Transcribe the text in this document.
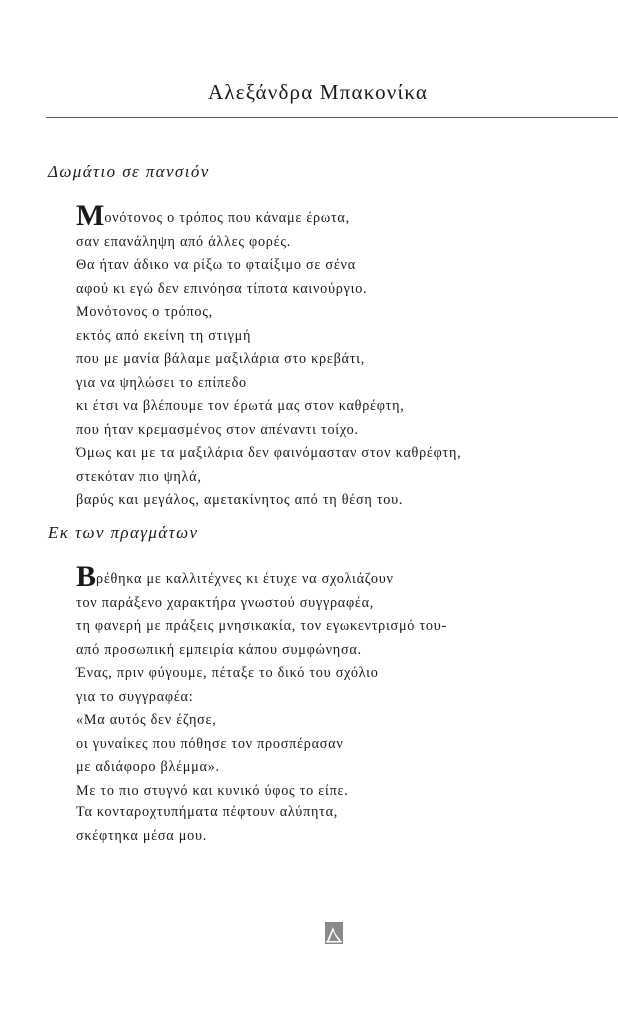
Αλεξάνδρα Μπακονίκα
Δωμάτιο σε πανσιόν
Μονότονος ο τρόπος που κάναμε έρωτα,
σαν επανάληψη από άλλες φορές.
Θα ήταν άδικο να ρίξω το φταίξιμο σε σένα
αφού κι εγώ δεν επινόησα τίποτα καινούργιο.
Μονότονος ο τρόπος,
εκτός από εκείνη τη στιγμή
που με μανία βάλαμε μαξιλάρια στο κρεβάτι,
για να ψηλώσει το επίπεδο
κι έτσι να βλέπουμε τον έρωτά μας στον καθρέφτη,
που ήταν κρεμασμένος στον απέναντι τοίχο.
Όμως και με τα μαξιλάρια δεν φαινόμασταν στον καθρέφτη,
στεκόταν πιο ψηλά,
βαρύς και μεγάλος, αμετακίνητος από τη θέση του.
Εκ των πραγμάτων
Βρέθηκα με καλλιτέχνες κι έτυχε να σχολιάζουν
τον παράξενο χαρακτήρα γνωστού συγγραφέα,
τη φανερή με πράξεις μνησικακία, τον εγωκεντρισμό του-
από προσωπική εμπειρία κάπου συμφώνησα.
Ένας, πριν φύγουμε, πέταξε το δικό του σχόλιο
για το συγγραφέα:
«Μα αυτός δεν έζησε,
οι γυναίκες που πόθησε τον προσπέρασαν
με αδιάφορο βλέμμα».
Με το πιο στυγνό και κυνικό ύφος το είπε.
Τα κονταροχτυπήματα πέφτουν αλύπητα,
σκέφτηκα μέσα μου.
